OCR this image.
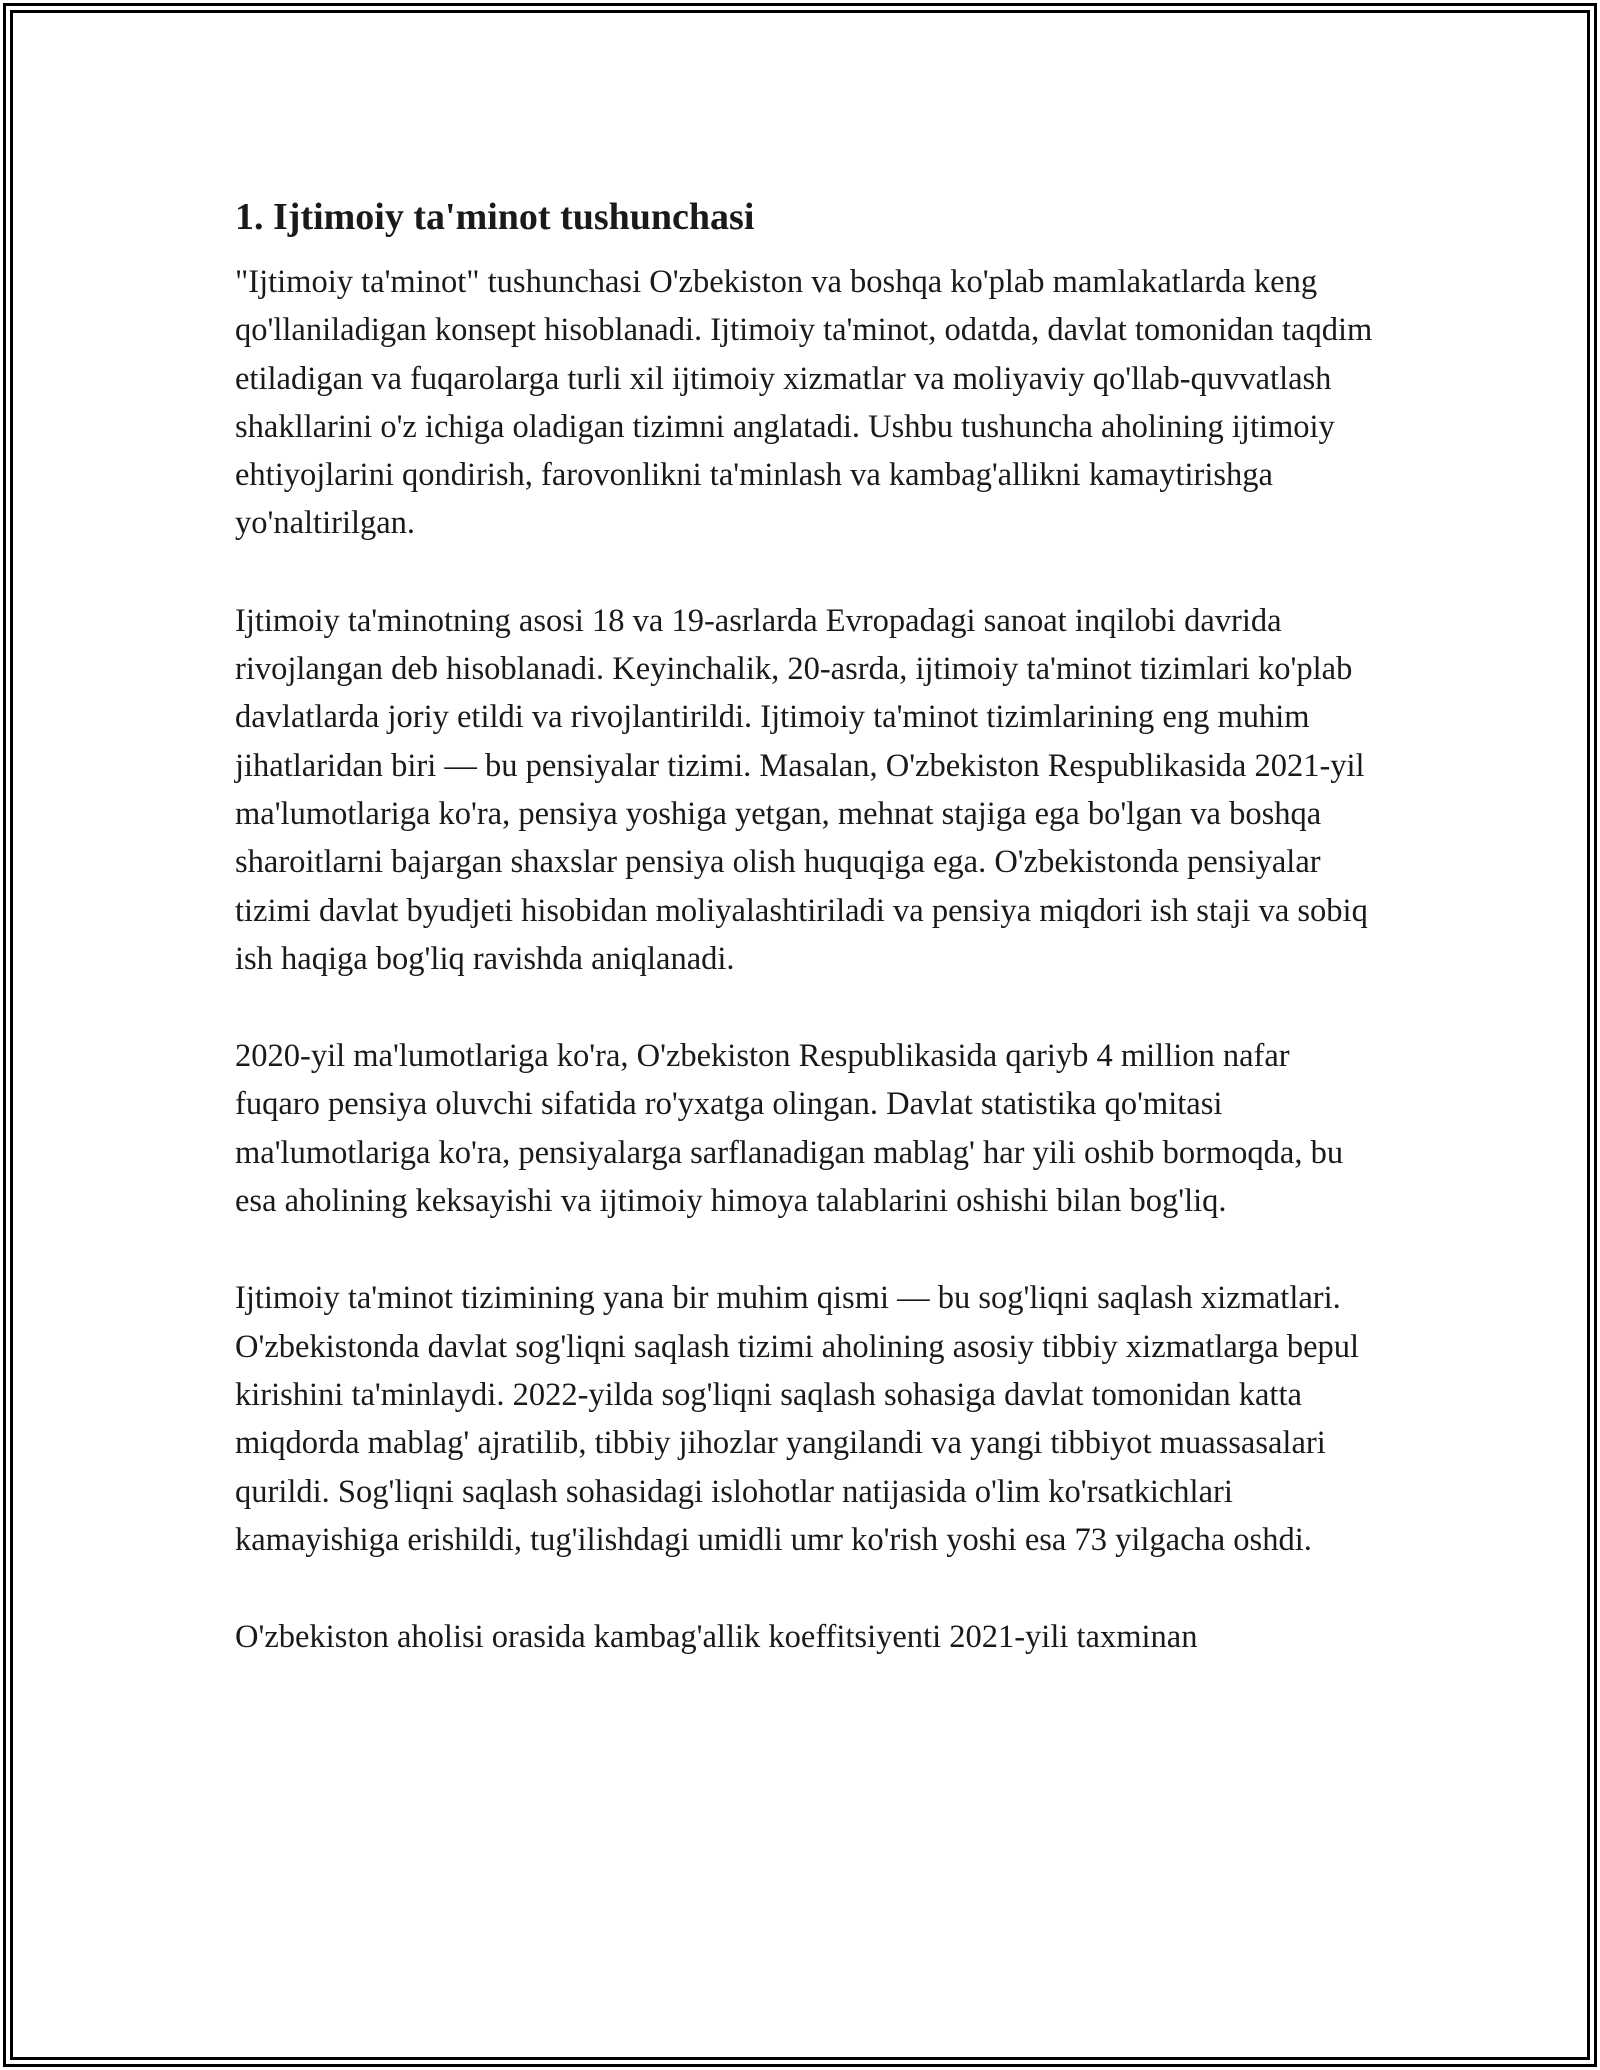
1. Ijtimoiy ta'minot tushunchasi

"Ijtimoiy ta'minot" tushunchasi O'zbekiston va boshqa ko'plab mamlakatlarda keng qo'llaniladigan konsept hisoblanadi. Ijtimoiy ta'minot, odatda, davlat tomonidan taqdim etiladigan va fuqarolarga turli xil ijtimoiy xizmatlar va moliyaviy qo'llab-quvvatlash shakllarini o'z ichiga oladigan tizimni anglatadi. Ushbu tushuncha aholining ijtimoiy ehtiyojlarini qondirish, farovonlikni ta'minlash va kambag'allikni kamaytirishga yo'naltirilgan.

Ijtimoiy ta'minotning asosi 18 va 19-asrlarda Evropadagi sanoat inqilobi davrida rivojlangan deb hisoblanadi. Keyinchalik, 20-asrda, ijtimoiy ta'minot tizimlari ko'plab davlatlarda joriy etildi va rivojlantirildi. Ijtimoiy ta'minot tizimlarining eng muhim jihatlaridan biri — bu pensiyalar tizimi. Masalan, O'zbekiston Respublikasida 2021-yil ma'lumotlariga ko'ra, pensiya yoshiga yetgan, mehnat stajiga ega bo'lgan va boshqa sharoitlarni bajargan shaxslar pensiya olish huquqiga ega. O'zbekistonda pensiyalar tizimi davlat byudjeti hisobidan moliyalashtiriladi va pensiya miqdori ish staji va sobiq ish haqiga bog'liq ravishda aniqlanadi.

2020-yil ma'lumotlariga ko'ra, O'zbekiston Respublikasida qariyb 4 million nafar fuqaro pensiya oluvchi sifatida ro'yxatga olingan. Davlat statistika qo'mitasi ma'lumotlariga ko'ra, pensiyalarga sarflanadigan mablag' har yili oshib bormoqda, bu esa aholining keksayishi va ijtimoiy himoya talablarini oshishi bilan bog'liq.

Ijtimoiy ta'minot tizimining yana bir muhim qismi — bu sog'liqni saqlash xizmatlari. O'zbekistonda davlat sog'liqni saqlash tizimi aholining asosiy tibbiy xizmatlarga bepul kirishini ta'minlaydi. 2022-yilda sog'liqni saqlash sohasiga davlat tomonidan katta miqdorda mablag' ajratilib, tibbiy jihozlar yangilandi va yangi tibbiyot muassasalari qurildi. Sog'liqni saqlash sohasidagi islohotlar natijasida o'lim ko'rsatkichlari kamayishiga erishildi, tug'ilishdagi umidli umr ko'rish yoshi esa 73 yilgacha oshdi.

O'zbekiston aholisi orasida kambag'allik koeffitsiyenti 2021-yili taxminan
